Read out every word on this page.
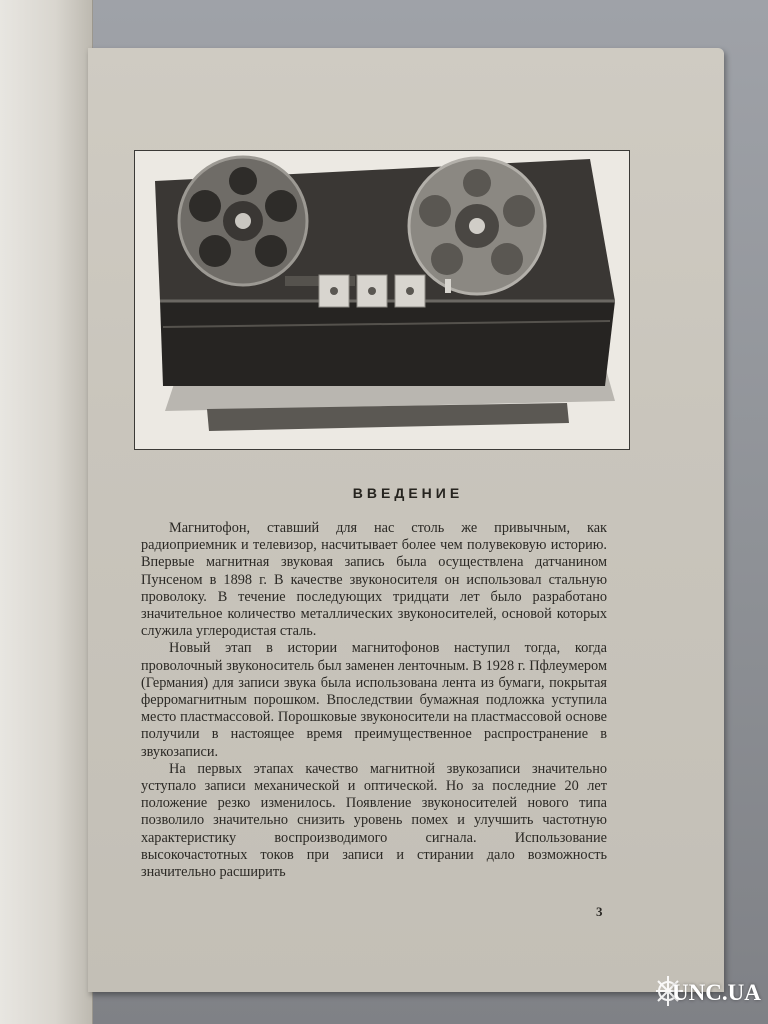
ВВЕДЕНИЕ

Магнитофон, ставший для нас столь же привычным, как радиоприемник и телевизор, насчитывает более чем полувековую историю. Впервые магнитная звуковая запись была осуществлена датчанином Пунсеном в 1898 г. В качестве звуконосителя он использовал стальную проволоку. В течение последующих тридцати лет было разработано значительное количество металлических звуконосителей, основой которых служила углеродистая сталь.

Новый этап в истории магнитофонов наступил тогда, когда проволочный звуконоситель был заменен ленточным. В 1928 г. Пфлеумером (Германия) для записи звука была использована лента из бумаги, покрытая ферромагнитным порошком. Впоследствии бумажная подложка уступила место пластмассовой. Порошковые звуконосители на пластмассовой основе получили в настоящее время преимущественное распространение в звукозаписи.

На первых этапах качество магнитной звукозаписи значительно уступало записи механической и оптической. Но за последние 20 лет положение резко изменилось. Появление звуконосителей нового типа позволило значительно снизить уровень помех и улучшить частотную характеристику воспроизводимого сигнала. Использование высокочастотных токов при записи и стирании дало возможность значительно расширить

3
UNC.UA
